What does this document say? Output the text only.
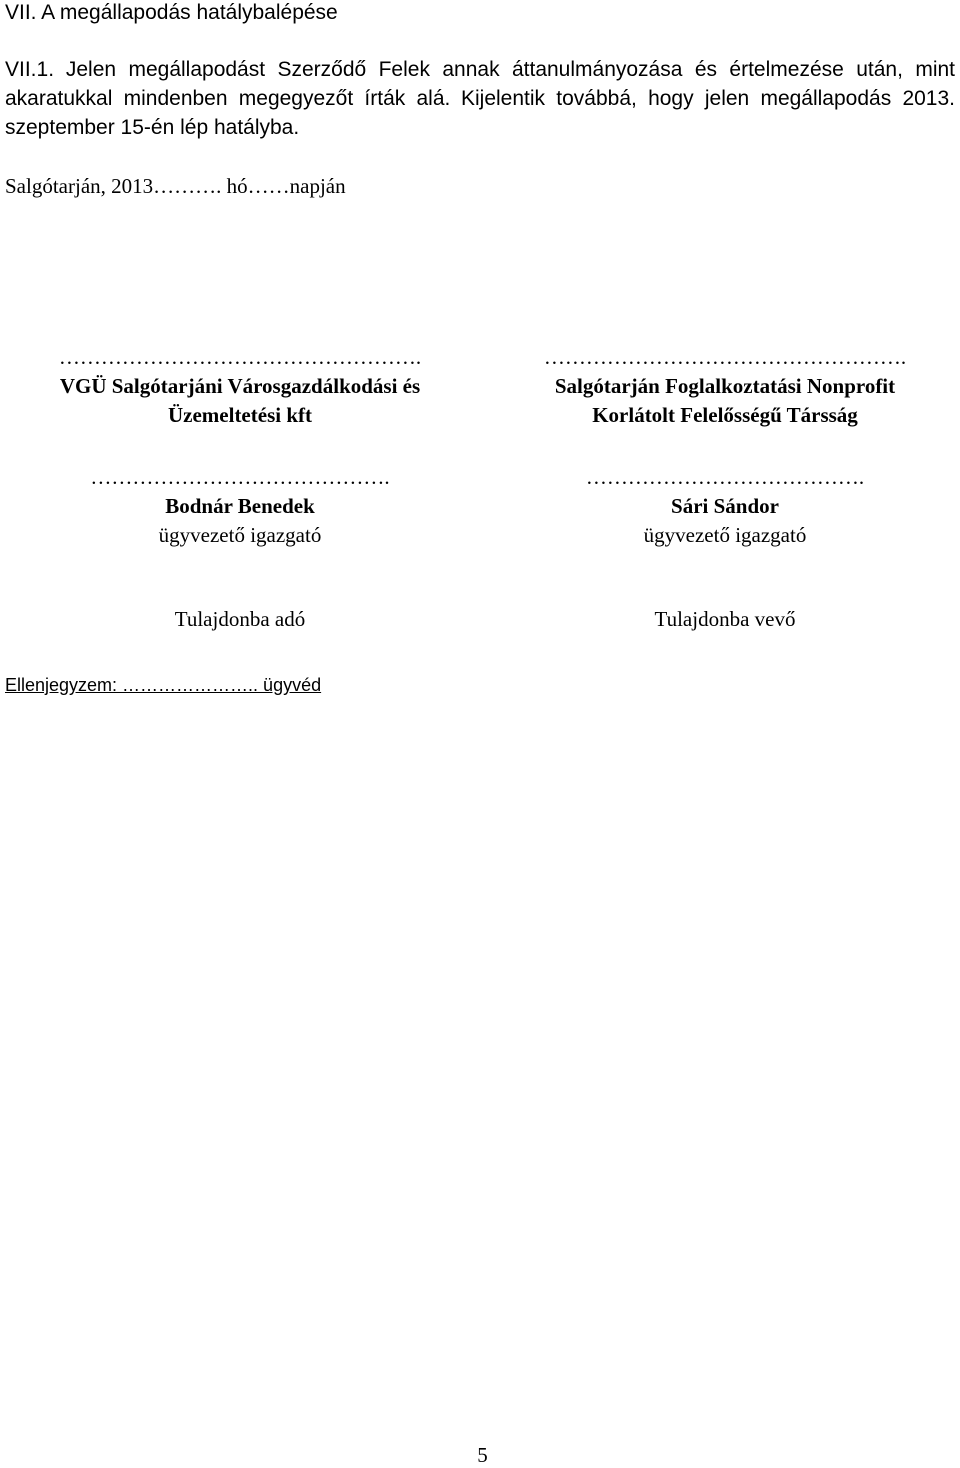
VII. A megállapodás hatálybalépése
VII.1. Jelen megállapodást Szerződő Felek annak áttanulmányozása és értelmezése után, mint akaratukkal mindenben megegyezőt írták alá. Kijelentik továbbá, hogy jelen megállapodás 2013. szeptember 15-én lép hatályba.
Salgótarján, 2013………. hó……napján
…………………………………………….
VGÜ Salgótarjáni Városgazdálkodási és
Üzemeltetési kft
…………………………………………….
Salgótarján Foglalkoztatási Nonprofit
Korlátolt Felelősségű Társság
…………………………………….
Bodnár Benedek
ügyvezető igazgató
………………………………….
Sári Sándor
ügyvezető igazgató
Tulajdonba adó	Tulajdonba vevő
Ellenjegyzem: ………………….. ügyvéd
5
